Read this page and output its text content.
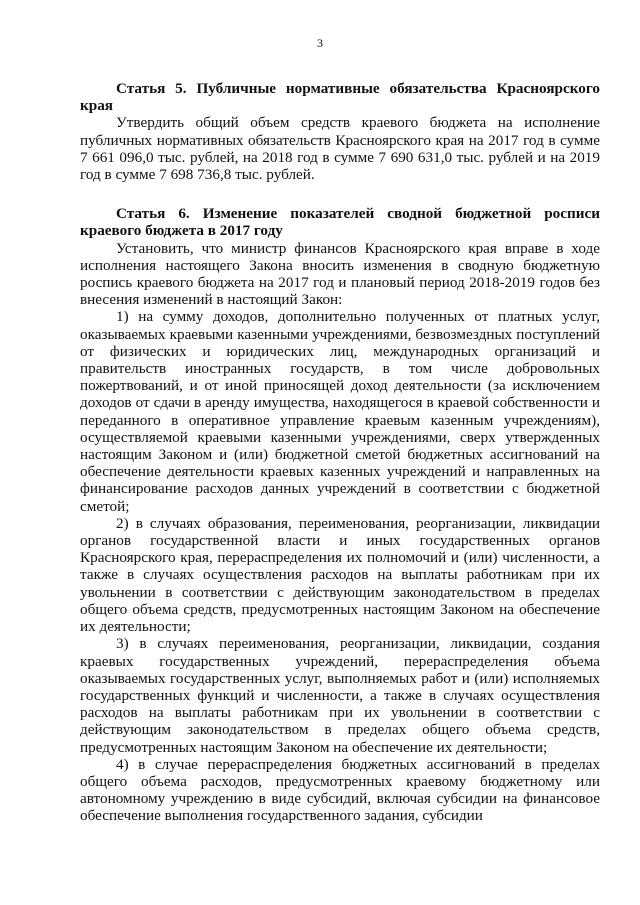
3

Статья 5. Публичные нормативные обязательства Красноярского края

Утвердить общий объем средств краевого бюджета на исполнение публичных нормативных обязательств Красноярского края на 2017 год в сумме 7 661 096,0 тыс. рублей, на 2018 год в сумме 7 690 631,0 тыс. рублей и на 2019 год в сумме 7 698 736,8 тыс. рублей.

Статья 6. Изменение показателей сводной бюджетной росписи краевого бюджета в 2017 году

Установить, что министр финансов Красноярского края вправе в ходе исполнения настоящего Закона вносить изменения в сводную бюджетную роспись краевого бюджета на 2017 год и плановый период 2018-2019 годов без внесения изменений в настоящий Закон:

1) на сумму доходов, дополнительно полученных от платных услуг, оказываемых краевыми казенными учреждениями, безвозмездных поступлений от физических и юридических лиц, международных организаций и правительств иностранных государств, в том числе добровольных пожертвований, и от иной приносящей доход деятельности (за исключением доходов от сдачи в аренду имущества, находящегося в краевой собственности и переданного в оперативное управление краевым казенным учреждениям), осуществляемой краевыми казенными учреждениями, сверх утвержденных настоящим Законом и (или) бюджетной сметой бюджетных ассигнований на обеспечение деятельности краевых казенных учреждений и направленных на финансирование расходов данных учреждений в соответствии с бюджетной сметой;

2) в случаях образования, переименования, реорганизации, ликвидации органов государственной власти и иных государственных органов Красноярского края, перераспределения их полномочий и (или) численности, а также в случаях осуществления расходов на выплаты работникам при их увольнении в соответствии с действующим законодательством в пределах общего объема средств, предусмотренных настоящим Законом на обеспечение их деятельности;

3) в случаях переименования, реорганизации, ликвидации, создания краевых государственных учреждений, перераспределения объема оказываемых государственных услуг, выполняемых работ и (или) исполняемых государственных функций и численности, а также в случаях осуществления расходов на выплаты работникам при их увольнении в соответствии с действующим законодательством в пределах общего объема средств, предусмотренных настоящим Законом на обеспечение их деятельности;

4) в случае перераспределения бюджетных ассигнований в пределах общего объема расходов, предусмотренных краевому бюджетному или автономному учреждению в виде субсидий, включая субсидии на финансовое обеспечение выполнения государственного задания, субсидии
